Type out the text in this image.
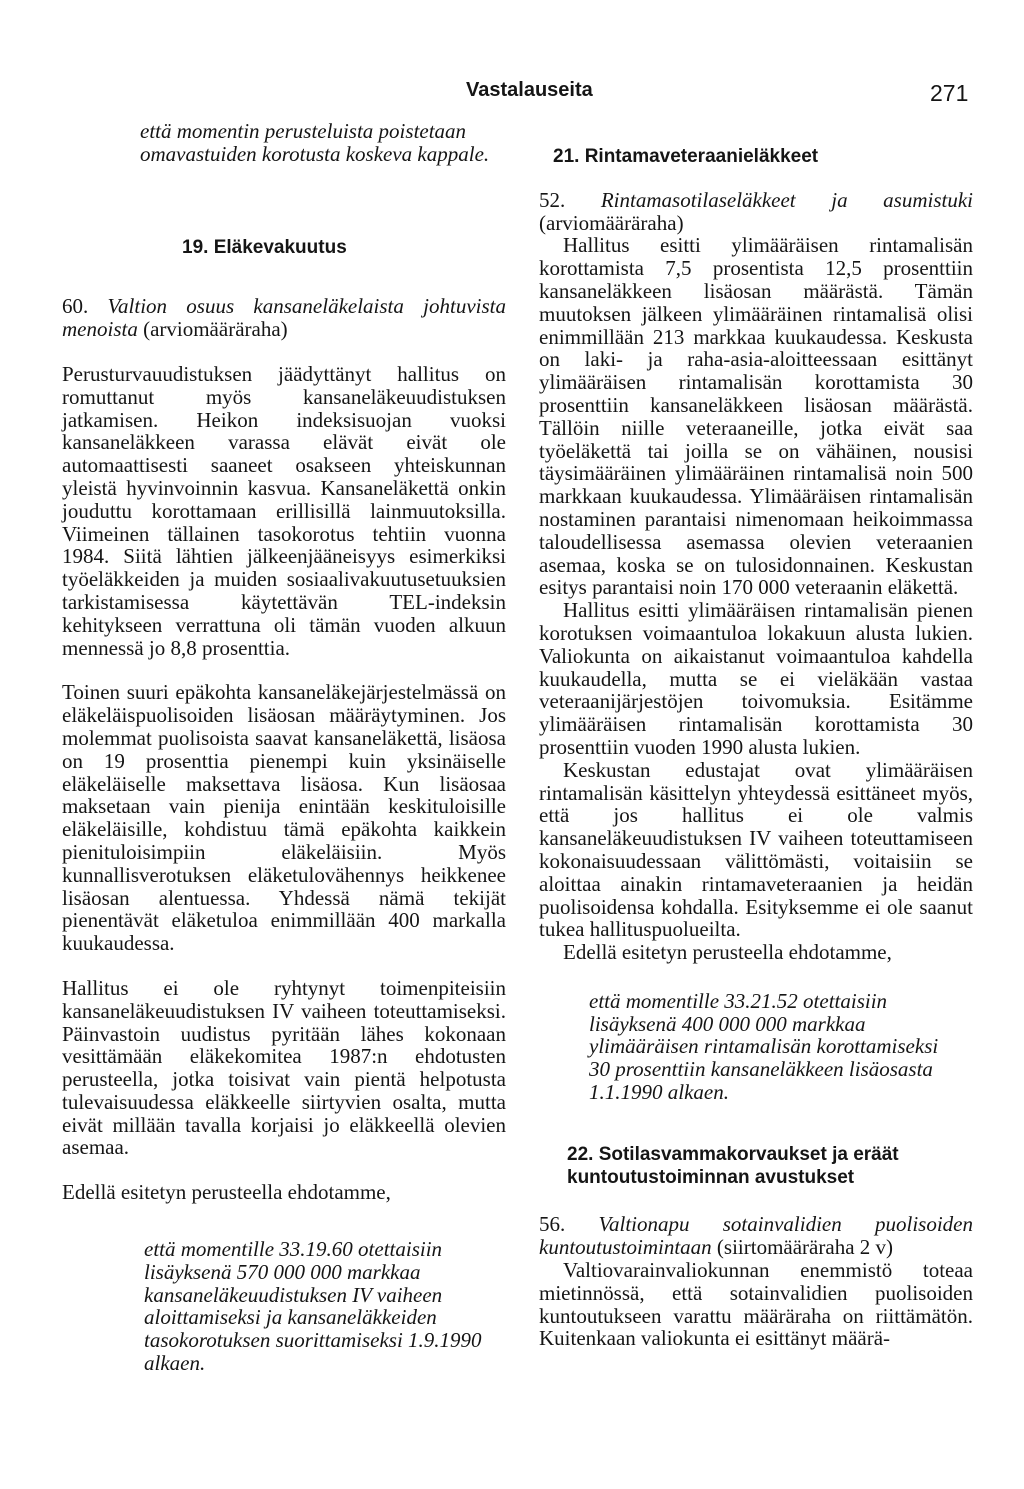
Vastalauseita	271

että momentin perusteluista poistetaan omavastuiden korotusta koskeva kappale.

19. Eläkevakuutus

60. Valtion osuus kansaneläkelaista johtuvista menoista (arviomääräraha)

Perusturvauudistuksen jäädyttänyt hallitus on romuttanut myös kansaneläkeuudistuksen jatkamisen. Heikon indeksisuojan vuoksi kansaneläkkeen varassa elävät eivät ole automaattisesti saaneet osakseen yhteiskunnan yleistä hyvinvoinnin kasvua. Kansaneläkettä onkin jouduttu korottamaan erillisillä lainmuutoksilla. Viimeinen tällainen tasokorotus tehtiin vuonna 1984. Siitä lähtien jälkeenjääneisyys esimerkiksi työeläkkeiden ja muiden sosiaalivakuutusetuuksien tarkistamisessa käytettävän TEL-indeksin kehitykseen verrattuna oli tämän vuoden alkuun mennessä jo 8,8 prosenttia.

Toinen suuri epäkohta kansaneläkejärjestelmässä on eläkeläispuolisoiden lisäosan määräytyminen. Jos molemmat puolisoista saavat kansaneläkettä, lisäosa on 19 prosenttia pienempi kuin yksinäiselle eläkeläiselle maksettava lisäosa. Kun lisäosaa maksetaan vain pienija enintään keskituloisille eläkeläisille, kohdistuu tämä epäkohta kaikkein pienituloisimpiin eläkeläisiin. Myös kunnallisverotuksen eläketulovähennys heikkenee lisäosan alentuessa. Yhdessä nämä tekijät pienentävät eläketuloa enimmillään 400 markalla kuukaudessa.

Hallitus ei ole ryhtynyt toimenpiteisiin kansaneläkeuudistuksen IV vaiheen toteuttamiseksi. Päinvastoin uudistus pyritään lähes kokonaan vesittämään eläkekomitea 1987:n ehdotusten perusteella, jotka toisivat vain pientä helpotusta tulevaisuudessa eläkkeelle siirtyvien osalta, mutta eivät millään tavalla korjaisi jo eläkkeellä olevien asemaa.

Edellä esitetyn perusteella ehdotamme,

että momentille 33.19.60 otettaisiin lisäyksenä 570 000 000 markkaa kansaneläkeuudistuksen IV vaiheen aloittamiseksi ja kansaneläkkeiden tasokorotuksen suorittamiseksi 1.9.1990 alkaen.

21. Rintamaveteraanieläkkeet

52. Rintamasotilaseläkkeet ja asumistuki (arviomääräraha)

Hallitus esitti ylimääräisen rintamalisän korottamista 7,5 prosentista 12,5 prosenttiin kansaneläkkeen lisäosan määrästä. Tämän muutoksen jälkeen ylimääräinen rintamalisä olisi enimmillään 213 markkaa kuukaudessa. Keskusta on laki- ja raha-asia-aloitteessaan esittänyt ylimääräisen rintamalisän korottamista 30 prosenttiin kansaneläkkeen lisäosan määrästä. Tällöin niille veteraaneille, jotka eivät saa työeläkettä tai joilla se on vähäinen, nousisi täysimääräinen ylimääräinen rintamalisä noin 500 markkaan kuukaudessa. Ylimääräisen rintamalisän nostaminen parantaisi nimenomaan heikoimmassa taloudellisessa asemassa olevien veteraanien asemaa, koska se on tulosidonnainen. Keskustan esitys parantaisi noin 170 000 veteraanin eläkettä.

Hallitus esitti ylimääräisen rintamalisän pienen korotuksen voimaantuloa lokakuun alusta lukien. Valiokunta on aikaistanut voimaantuloa kahdella kuukaudella, mutta se ei vieläkään vastaa veteraanijärjestöjen toivomuksia. Esitämme ylimääräisen rintamalisän korottamista 30 prosenttiin vuoden 1990 alusta lukien.

Keskustan edustajat ovat ylimääräisen rintamalisän käsittelyn yhteydessä esittäneet myös, että jos hallitus ei ole valmis kansaneläkeuudistuksen IV vaiheen toteuttamiseen kokonaisuudessaan välittömästi, voitaisiin se aloittaa ainakin rintamaveteraanien ja heidän puolisoidensa kohdalla. Esityksemme ei ole saanut tukea hallituspuolueilta.

Edellä esitetyn perusteella ehdotamme,

että momentille 33.21.52 otettaisiin lisäyksenä 400 000 000 markkaa ylimääräisen rintamalisän korottamiseksi 30 prosenttiin kansaneläkkeen lisäosasta 1.1.1990 alkaen.

22. Sotilasvammakorvaukset ja eräät kuntoutustoiminnan avustukset

56. Valtionapu sotainvalidien puolisoiden kuntoutustoimintaan (siirtomääräraha 2 v)

Valtiovarainvaliokunnan enemmistö toteaa mietinnössä, että sotainvalidien puolisoiden kuntoutukseen varattu määräraha on riittämätön. Kuitenkaan valiokunta ei esittänyt määrä-
